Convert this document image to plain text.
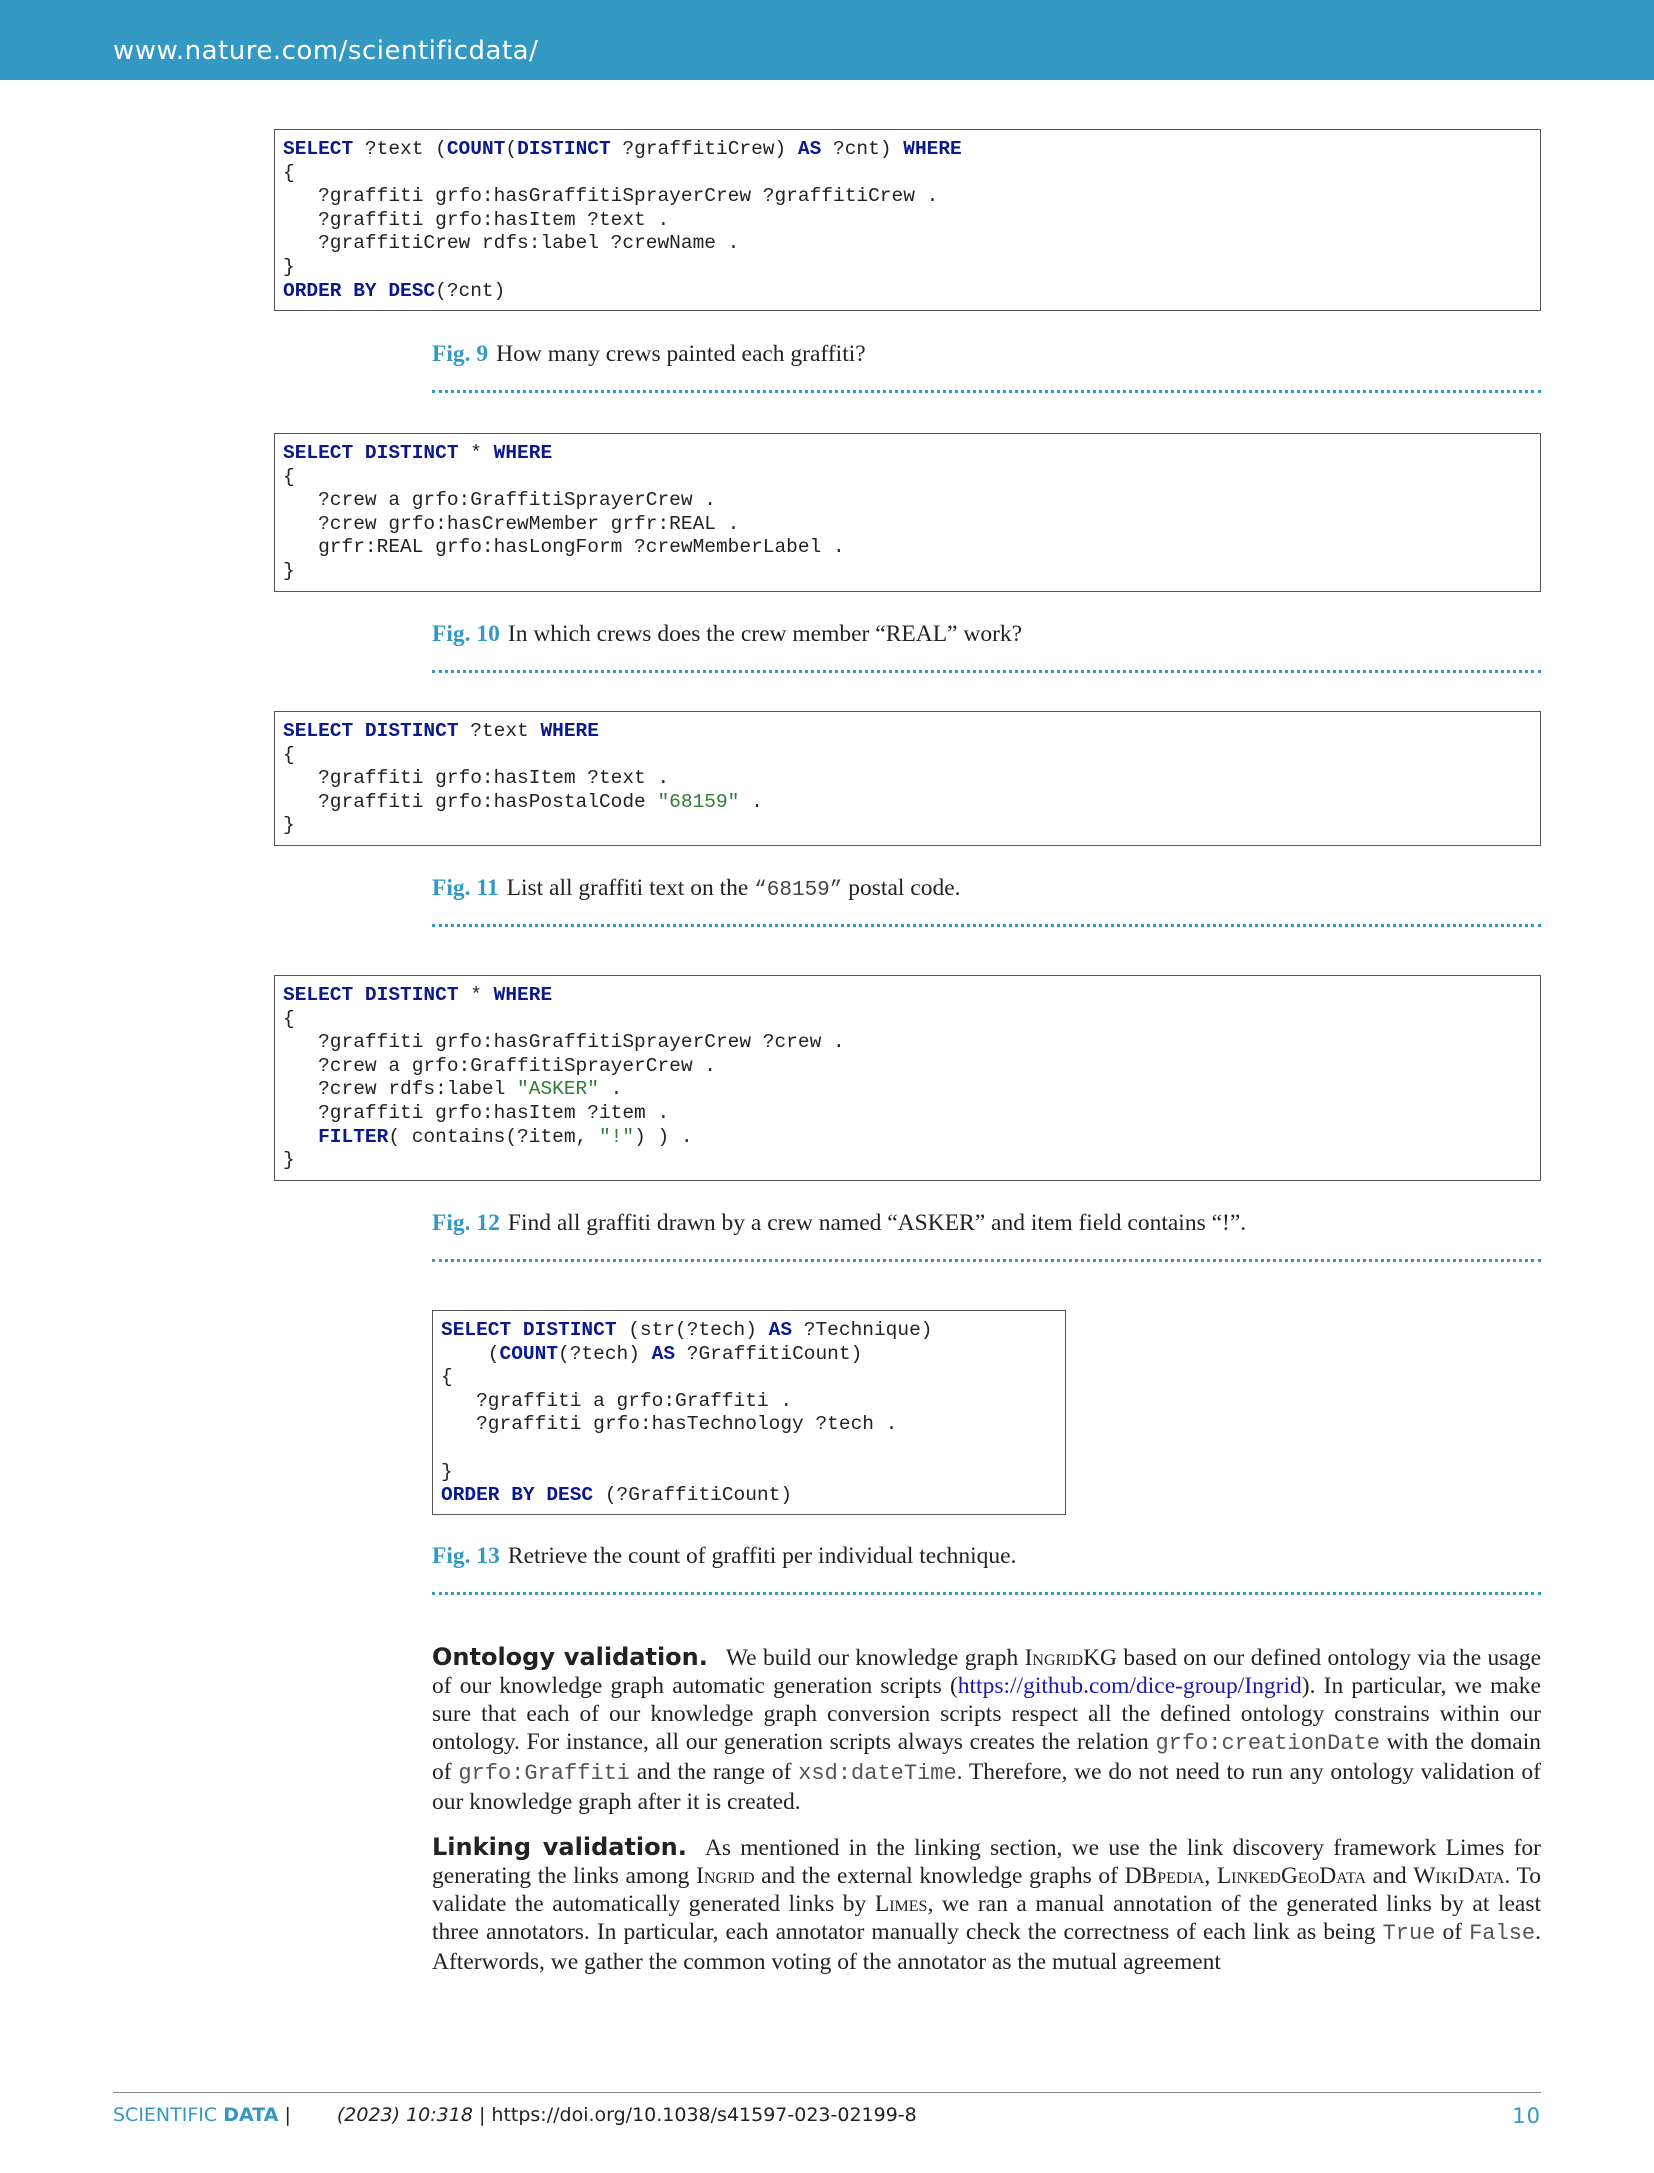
www.nature.com/scientificdata/
SELECT ?text (COUNT(DISTINCT ?graffitiCrew) AS ?cnt) WHERE
{
?graffiti grfo:hasGraffitiSprayerCrew ?graffitiCrew .
?graffiti grfo:hasItem ?text .
?graffitiCrew rdfs:label ?crewName .
}
ORDER BY DESC(?cnt)
Fig. 9 How many crews painted each graffiti?
SELECT DISTINCT * WHERE
{
?crew a grfo:GraffitiSprayerCrew .
?crew grfo:hasCrewMember grfr:REAL .
grfr:REAL grfo:hasLongForm ?crewMemberLabel .
}
Fig. 10 In which crews does the crew member “REAL” work?
SELECT DISTINCT ?text WHERE
{
?graffiti grfo:hasItem ?text .
?graffiti grfo:hasPostalCode "68159" .
}
Fig. 11 List all graffiti text on the “68159” postal code.
SELECT DISTINCT * WHERE
{
?graffiti grfo:hasGraffitiSprayerCrew ?crew .
?crew a grfo:GraffitiSprayerCrew .
?crew rdfs:label "ASKER" .
?graffiti grfo:hasItem ?item .
FILTER( contains(?item, "!") ) .
}
Fig. 12 Find all graffiti drawn by a crew named “ASKER” and item field contains “!”.
SELECT DISTINCT (str(?tech) AS ?Technique)
(COUNT(?tech) AS ?GraffitiCount)
{
?graffiti a grfo:Graffiti .
?graffiti grfo:hasTechnology ?tech .

}
ORDER BY DESC (?GraffitiCount)
Fig. 13 Retrieve the count of graffiti per individual technique.
Ontology validation. We build our knowledge graph IngridKG based on our defined ontology via the usage of our knowledge graph automatic generation scripts (https://github.com/dice-group/Ingrid). In particular, we make sure that each of our knowledge graph conversion scripts respect all the defined ontology constrains within our ontology. For instance, all our generation scripts always creates the relation grfo:creationDate with the domain of grfo:Graffiti and the range of xsd:dateTime. Therefore, we do not need to run any ontology validation of our knowledge graph after it is created.
Linking validation. As mentioned in the linking section, we use the link discovery framework Limes for generating the links among Ingrid and the external knowledge graphs of DBpedia, LinkedGeoData and WikiData. To validate the automatically generated links by Limes, we ran a manual annotation of the generated links by at least three annotators. In particular, each annotator manually check the correctness of each link as being True of False. Afterwords, we gather the common voting of the annotator as the mutual agreement
SCIENTIFIC DATA | (2023) 10:318 | https://doi.org/10.1038/s41597-023-02199-8	10
